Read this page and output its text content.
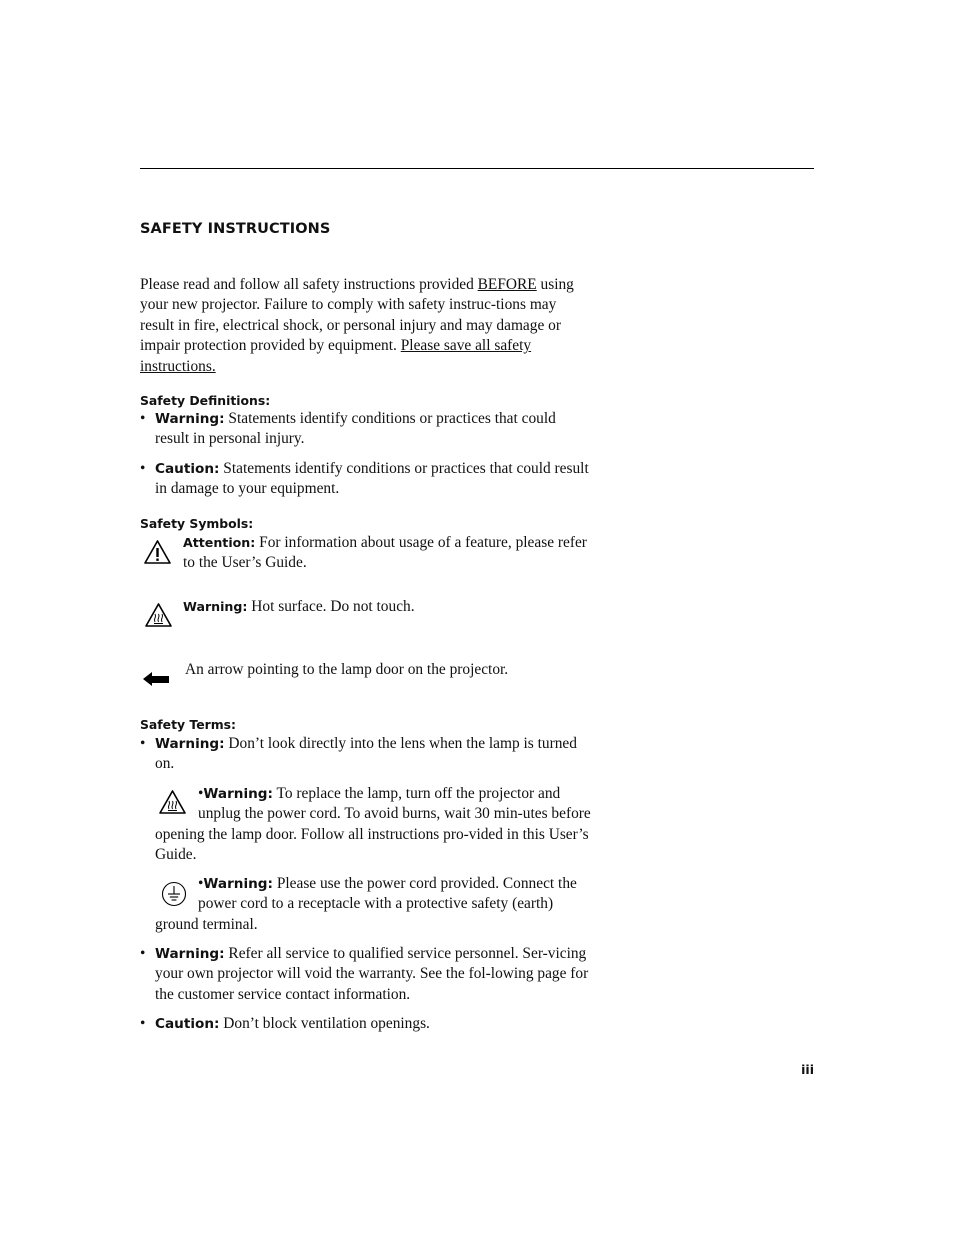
SAFETY INSTRUCTIONS
Please read and follow all safety instructions provided BEFORE using your new projector. Failure to comply with safety instruc-tions may result in fire, electrical shock, or personal injury and may damage or impair protection provided by equipment. Please save all safety instructions.
Safety Definitions:
• Warning: Statements identify conditions or practices that could result in personal injury.
• Caution: Statements identify conditions or practices that could result in damage to your equipment.
Safety Symbols:
Attention: For information about usage of a feature, please refer to the User’s Guide.
Warning: Hot surface. Do not touch.
An arrow pointing to the lamp door on the projector.
Safety Terms:
• Warning: Don’t look directly into the lens when the lamp is turned on.
•Warning: To replace the lamp, turn off the projector and unplug the power cord. To avoid burns, wait 30 min-utes before opening the lamp door. Follow all instructions pro-vided in this User’s Guide.
•Warning: Please use the power cord provided. Connect the power cord to a receptacle with a protective safety (earth) ground terminal.
• Warning: Refer all service to qualified service personnel. Ser-vicing your own projector will void the warranty. See the fol-lowing page for the customer service contact information.
• Caution: Don’t block ventilation openings.
iii
